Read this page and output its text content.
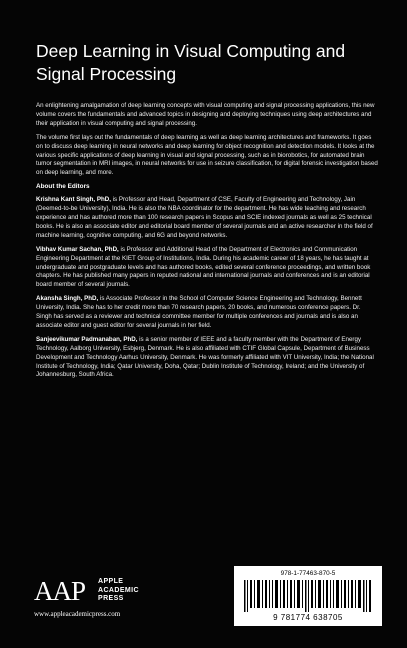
Deep Learning in Visual Computing and Signal Processing

An enlightening amalgamation of deep learning concepts with visual computing and signal processing applications, this new volume covers the fundamentals and advanced topics in designing and deploying techniques using deep architectures and their application in visual computing and signal processing.

The volume first lays out the fundamentals of deep learning as well as deep learning architectures and frameworks. It goes on to discuss deep learning in neural networks and deep learning for object recognition and detection models. It looks at the various specific applications of deep learning in visual and signal processing, such as in biorobotics, for automated brain tumor segmentation in MRI images, in neural networks for use in seizure classification, for digital forensic investigation based on deep learning, and more.

About the Editors

Krishna Kant Singh, PhD, is Professor and Head, Department of CSE, Faculty of Engineering and Technology, Jain (Deemed-to-be University), India. He is also the NBA coordinator for the department. He has wide teaching and research experience and has authored more than 100 research papers in Scopus and SCIE indexed journals as well as 25 technical books. He is also an associate editor and editorial board member of several journals and an active researcher in the field of machine learning, cognitive computing, and 6G and beyond networks.

Vibhav Kumar Sachan, PhD, is Professor and Additional Head of the Department of Electronics and Communication Engineering Department at the KIET Group of Institutions, India. During his academic career of 18 years, he has taught at undergraduate and postgraduate levels and has authored books, edited several conference proceedings, and written book chapters. He has published many papers in reputed national and international journals and conferences and is an editorial board member of several journals.

Akansha Singh, PhD, is Associate Professor in the School of Computer Science Engineering and Technology, Bennett University, India. She has to her credit more than 70 research papers, 20 books, and numerous conference papers. Dr. Singh has served as a reviewer and technical committee member for multiple conferences and journals and is also an associate editor and guest editor for several journals in her field.

Sanjeevikumar Padmanaban, PhD, is a senior member of IEEE and a faculty member with the Department of Energy Technology, Aalborg University, Esbjerg, Denmark. He is also affiliated with CTIF Global Capsule, Department of Business Development and Technology Aarhus University, Denmark. He was formerly affiliated with VIT University, India; the National Institute of Technology, India; Qatar University, Doha, Qatar; Dublin Institute of Technology, Ireland; and the University of Johannesburg, South Africa.

AAP APPLE
ACADEMIC
PRESS
www.appleacademicpress.com
978-1-77463-870-5
9 781774 638705
